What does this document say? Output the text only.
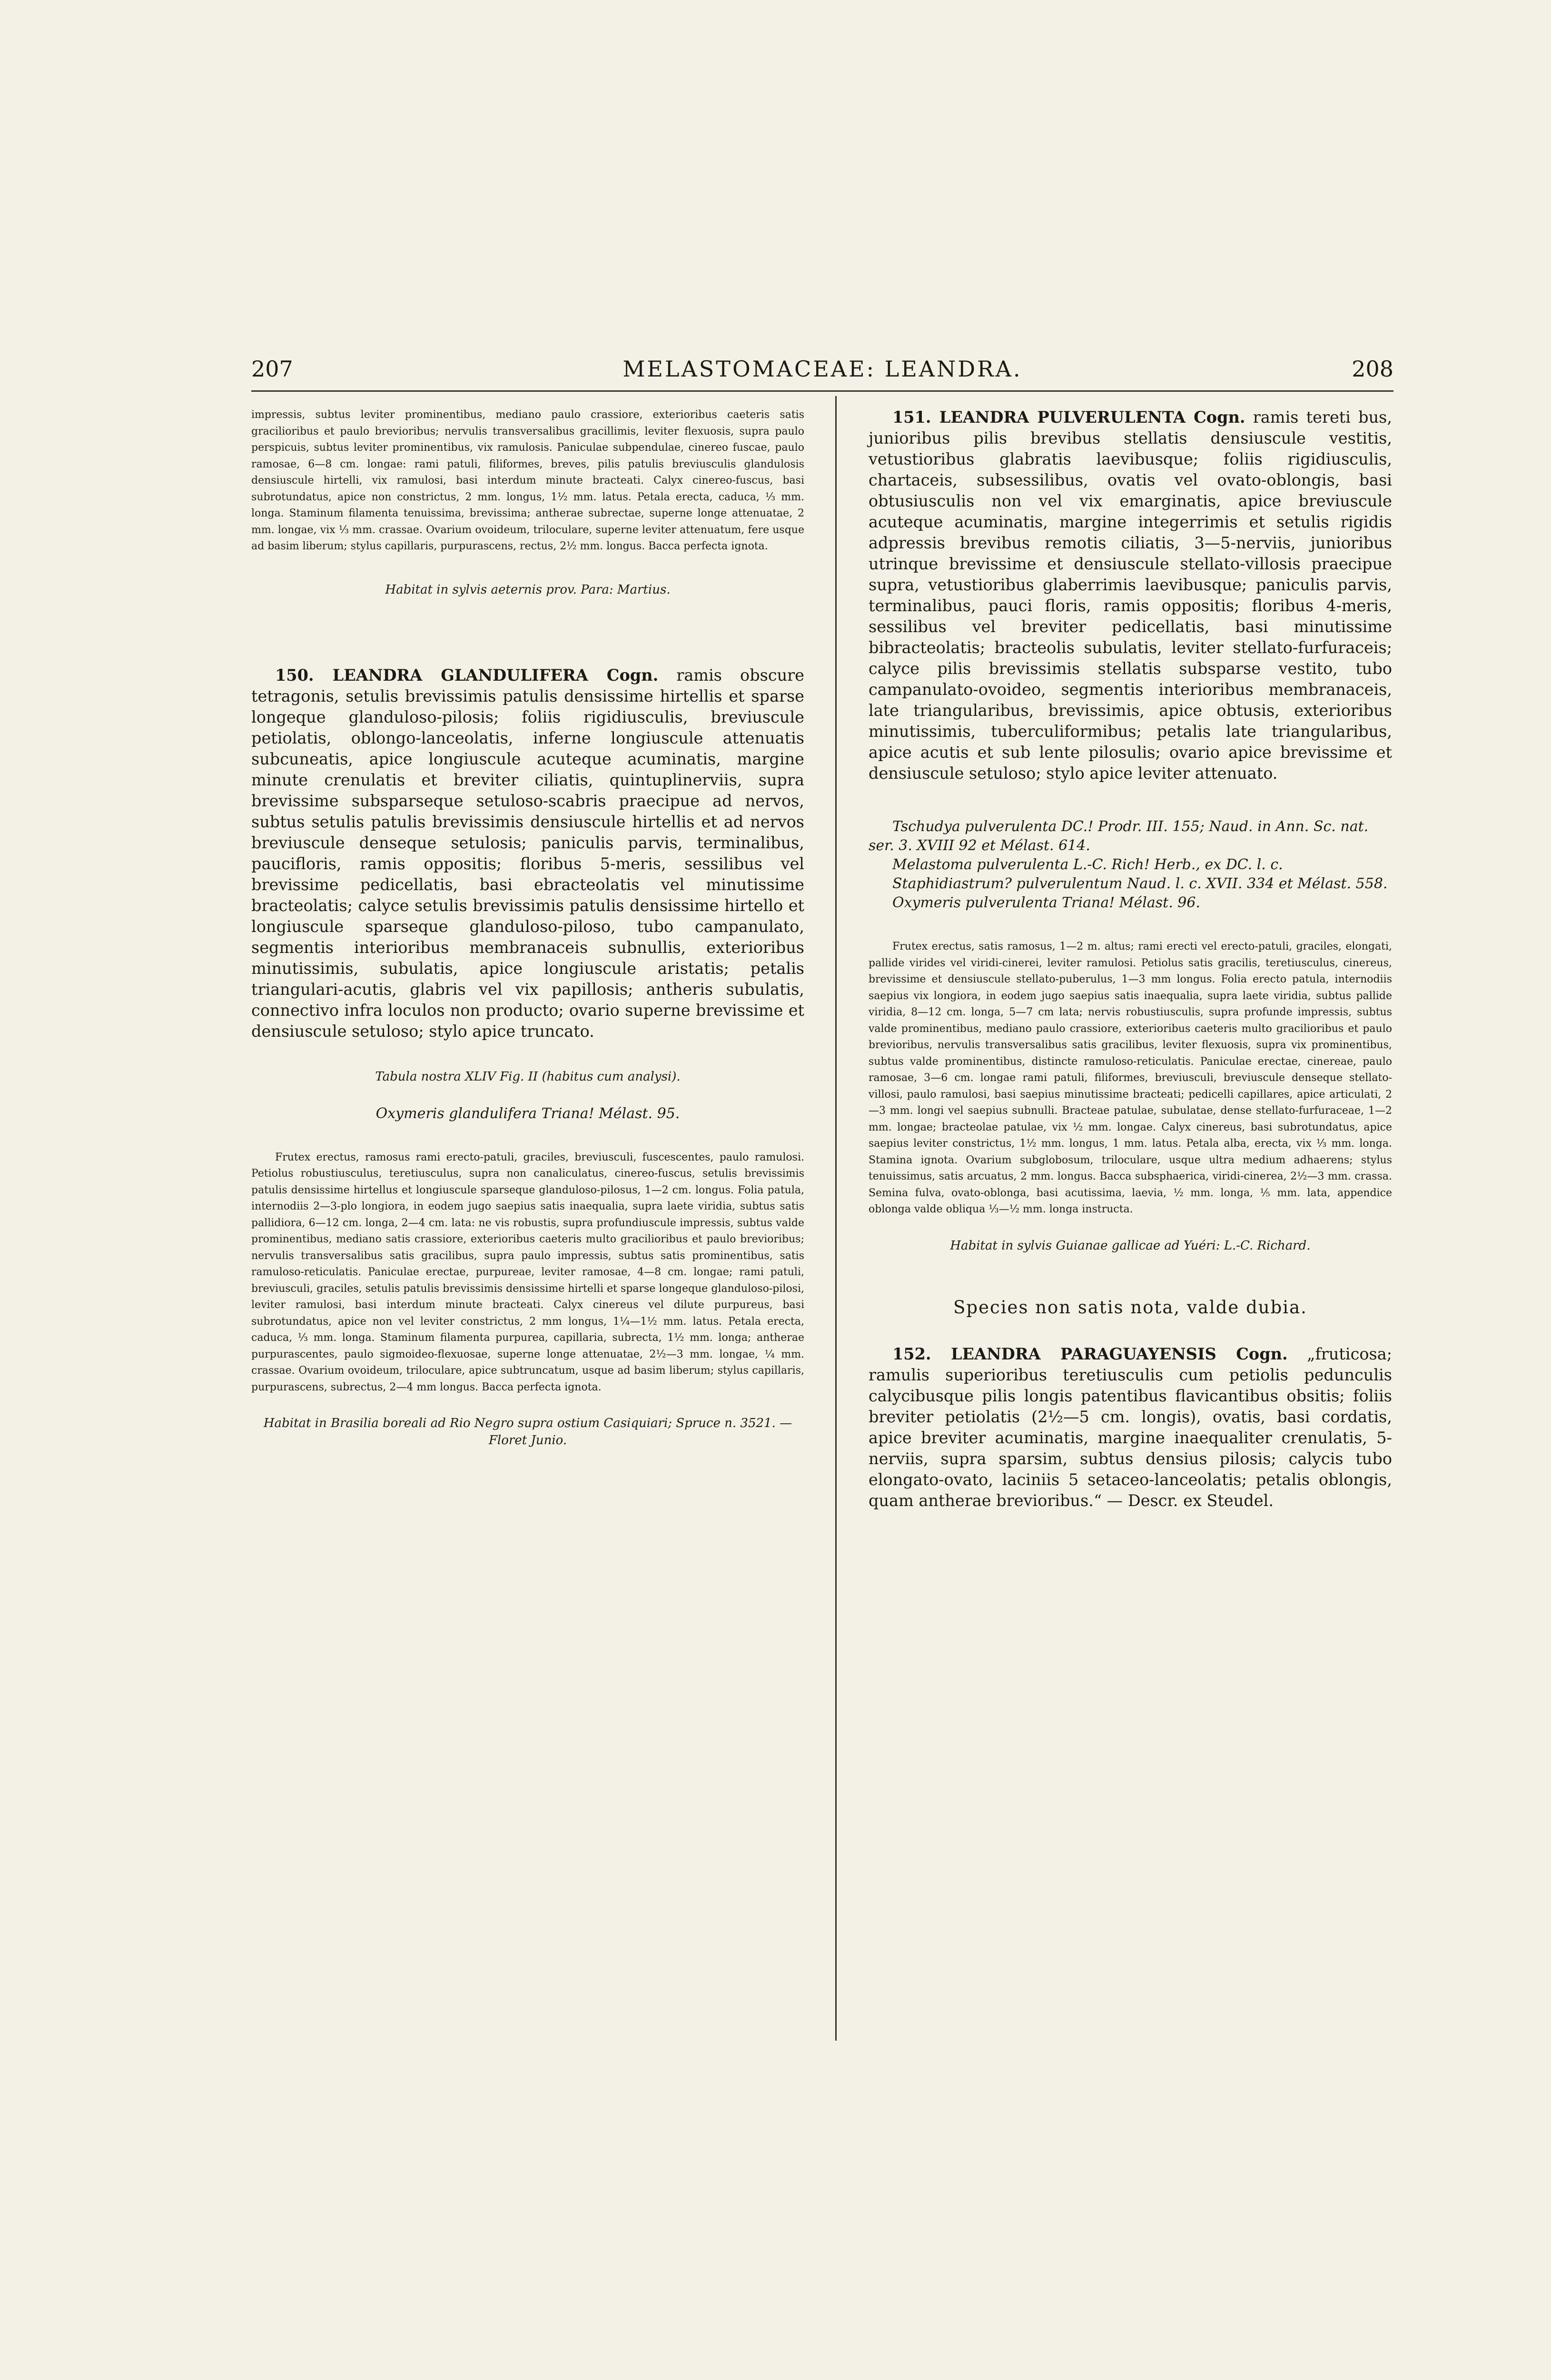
207	MELASTOMACEAE: LEANDRA.	208

impressis, subtus leviter prominentibus, mediano paulo crassiore, exterioribus caeteris satis gracilioribus et paulo brevioribus; nervulis transversalibus gracillimis, leviter flexuosis, supra paulo perspicuis, subtus leviter prominentibus, vix ramulosis. Paniculae subpendulae, cinereo fuscae, paulo ramosae, 6—8 cm. longae: rami patuli, filiformes, breves, pilis patulis breviusculis glandulosis densiuscule hirtelli, vix ramulosi, basi interdum minute bracteati. Calyx cinereo-fuscus, basi subrotundatus, apice non constrictus, 2 mm. longus, 1½ mm. latus. Petala erecta, caduca, ⅓ mm. longa. Staminum filamenta tenuissima, brevissima; antherae subrectae, superne longe attenuatae, 2 mm. longae, vix ⅓ mm. crassae. Ovarium ovoideum, triloculare, superne leviter attenuatum, fere usque ad basim liberum; stylus capillaris, purpurascens, rectus, 2½ mm. longus. Bacca perfecta ignota.

Habitat in sylvis aeternis prov. Para: Martius.

150. LEANDRA GLANDULIFERA Cogn. ramis obscure tetragonis, setulis brevissimis patulis densissime hirtellis et sparse longeque glanduloso-pilosis; foliis rigidiusculis, breviuscule petiolatis, oblongo-lanceolatis, inferne longiuscule attenuatis subcuneatis, apice longiuscule acuteque acuminatis, margine minute crenulatis et breviter ciliatis, quintuplinerviis, supra brevissime subsparseque setuloso-scabris praecipue ad nervos, subtus setulis patulis brevissimis densiuscule hirtellis et ad nervos breviuscule denseque setulosis; paniculis parvis, terminalibus, paucifloris, ramis oppositis; floribus 5-meris, sessilibus vel brevissime pedicellatis, basi ebracteolatis vel minutissime bracteolatis; calyce setulis brevissimis patulis densissime hirtello et longiuscule sparseque glanduloso-piloso, tubo campanulato, segmentis interioribus membranaceis subnullis, exterioribus minutissimis, subulatis, apice longiuscule aristatis; petalis triangulari-acutis, glabris vel vix papillosis; antheris subulatis, connectivo infra loculos non producto; ovario superne brevissime et densiuscule setuloso; stylo apice truncato.

Tabula nostra XLIV Fig. II (habitus cum analysi).

Oxymeris glandulifera Triana! Mélast. 95.

Frutex erectus, ramosus rami erecto-patuli, graciles, breviusculi, fuscescentes, paulo ramulosi. Petiolus robustiusculus, teretiusculus, supra non canaliculatus, cinereo-fuscus, setulis brevissimis patulis densissime hirtellus et longiuscule sparseque glanduloso-pilosus, 1—2 cm. longus. Folia patula, internodiis 2—3-plo longiora, in eodem jugo saepius satis inaequalia, supra laete viridia, subtus satis pallidiora, 6—12 cm. longa, 2—4 cm. lata: ne vis robustis, supra profundiuscule impressis, subtus valde prominentibus, mediano satis crassiore, exterioribus caeteris multo gracilioribus et paulo brevioribus; nervulis transversalibus satis gracilibus, supra paulo impressis, subtus satis prominentibus, satis ramuloso-reticulatis. Paniculae erectae, purpureae, leviter ramosae, 4—8 cm. longae; rami patuli, breviusculi, graciles, setulis patulis brevissimis densissime hirtelli et sparse longeque glanduloso-pilosi, leviter ramulosi, basi interdum minute bracteati. Calyx cinereus vel dilute purpureus, basi subrotundatus, apice non vel leviter constrictus, 2 mm longus, 1¼—1½ mm. latus. Petala erecta, caduca, ⅓ mm. longa. Staminum filamenta purpurea, capillaria, subrecta, 1½ mm. longa; antherae purpurascentes, paulo sigmoideo-flexuosae, superne longe attenuatae, 2½—3 mm. longae, ¼ mm. crassae. Ovarium ovoideum, triloculare, apice subtruncatum, usque ad basim liberum; stylus capillaris, purpurascens, subrectus, 2—4 mm longus. Bacca perfecta ignota.

Habitat in Brasilia boreali ad Rio Negro supra ostium Casiquiari; Spruce n. 3521. — Floret Junio.

151. LEANDRA PULVERULENTA Cogn. ramis tereti bus, junioribus pilis brevibus stellatis densiuscule vestitis, vetustioribus glabratis laevibusque; foliis rigidiusculis, chartaceis, subsessilibus, ovatis vel ovato-oblongis, basi obtusiusculis non vel vix emarginatis, apice breviuscule acuteque acuminatis, margine integerrimis et setulis rigidis adpressis brevibus remotis ciliatis, 3—5-nerviis, junioribus utrinque brevissime et densiuscule stellato-villosis praecipue supra, vetustioribus glaberrimis laevibusque; paniculis parvis, terminalibus, pauci floris, ramis oppositis; floribus 4-meris, sessilibus vel breviter pedicellatis, basi minutissime bibracteolatis; bracteolis subulatis, leviter stellato-furfuraceis; calyce pilis brevissimis stellatis subsparse vestito, tubo campanulato-ovoideo, segmentis interioribus membranaceis, late triangularibus, brevissimis, apice obtusis, exterioribus minutissimis, tuberculiformibus; petalis late triangularibus, apice acutis et sub lente pilosulis; ovario apice brevissime et densiuscule setuloso; stylo apice leviter attenuato.

Tschudya pulverulenta DC.! Prodr. III. 155; Naud. in Ann. Sc. nat. ser. 3. XVIII 92 et Mélast. 614.

Melastoma pulverulenta L.-C. Rich! Herb., ex DC. l. c.

Staphidiastrum? pulverulentum Naud. l. c. XVII. 334 et Mélast. 558.

Oxymeris pulverulenta Triana! Mélast. 96.

Frutex erectus, satis ramosus, 1—2 m. altus; rami erecti vel erecto-patuli, graciles, elongati, pallide virides vel viridi-cinerei, leviter ramulosi. Petiolus satis gracilis, teretiusculus, cinereus, brevissime et densiuscule stellato-puberulus, 1—3 mm longus. Folia erecto patula, internodiis saepius vix longiora, in eodem jugo saepius satis inaequalia, supra laete viridia, subtus pallide viridia, 8—12 cm. longa, 5—7 cm lata; nervis robustiusculis, supra profunde impressis, subtus valde prominentibus, mediano paulo crassiore, exterioribus caeteris multo gracilioribus et paulo brevioribus, nervulis transversalibus satis gracilibus, leviter flexuosis, supra vix prominentibus, subtus valde prominentibus, distincte ramuloso-reticulatis. Paniculae erectae, cinereae, paulo ramosae, 3—6 cm. longae rami patuli, filiformes, breviusculi, breviuscule denseque stellato-villosi, paulo ramulosi, basi saepius minutissime bracteati; pedicelli capillares, apice articulati, 2—3 mm. longi vel saepius subnulli. Bracteae patulae, subulatae, dense stellato-furfuraceae, 1—2 mm. longae; bracteolae patulae, vix ½ mm. longae. Calyx cinereus, basi subrotundatus, apice saepius leviter constrictus, 1½ mm. longus, 1 mm. latus. Petala alba, erecta, vix ⅓ mm. longa. Stamina ignota. Ovarium subglobosum, triloculare, usque ultra medium adhaerens; stylus tenuissimus, satis arcuatus, 2 mm. longus. Bacca subsphaerica, viridi-cinerea, 2½—3 mm. crassa. Semina fulva, ovato-oblonga, basi acutissima, laevia, ½ mm. longa, ⅕ mm. lata, appendice oblonga valde obliqua ⅓—½ mm. longa instructa.

Habitat in sylvis Guianae gallicae ad Yuéri: L.-C. Richard.

Species non satis nota, valde dubia.

152. LEANDRA PARAGUAYENSIS Cogn. „fruticosa; ramulis superioribus teretiusculis cum petiolis pedunculis calycibusque pilis longis patentibus flavicantibus obsitis; foliis breviter petiolatis (2½—5 cm. longis), ovatis, basi cordatis, apice breviter acuminatis, margine inaequaliter crenulatis, 5-nerviis, supra sparsim, subtus densius pilosis; calycis tubo elongato-ovato, laciniis 5 setaceo-lanceolatis; petalis oblongis, quam antherae brevioribus.“ — Descr. ex Steudel.
